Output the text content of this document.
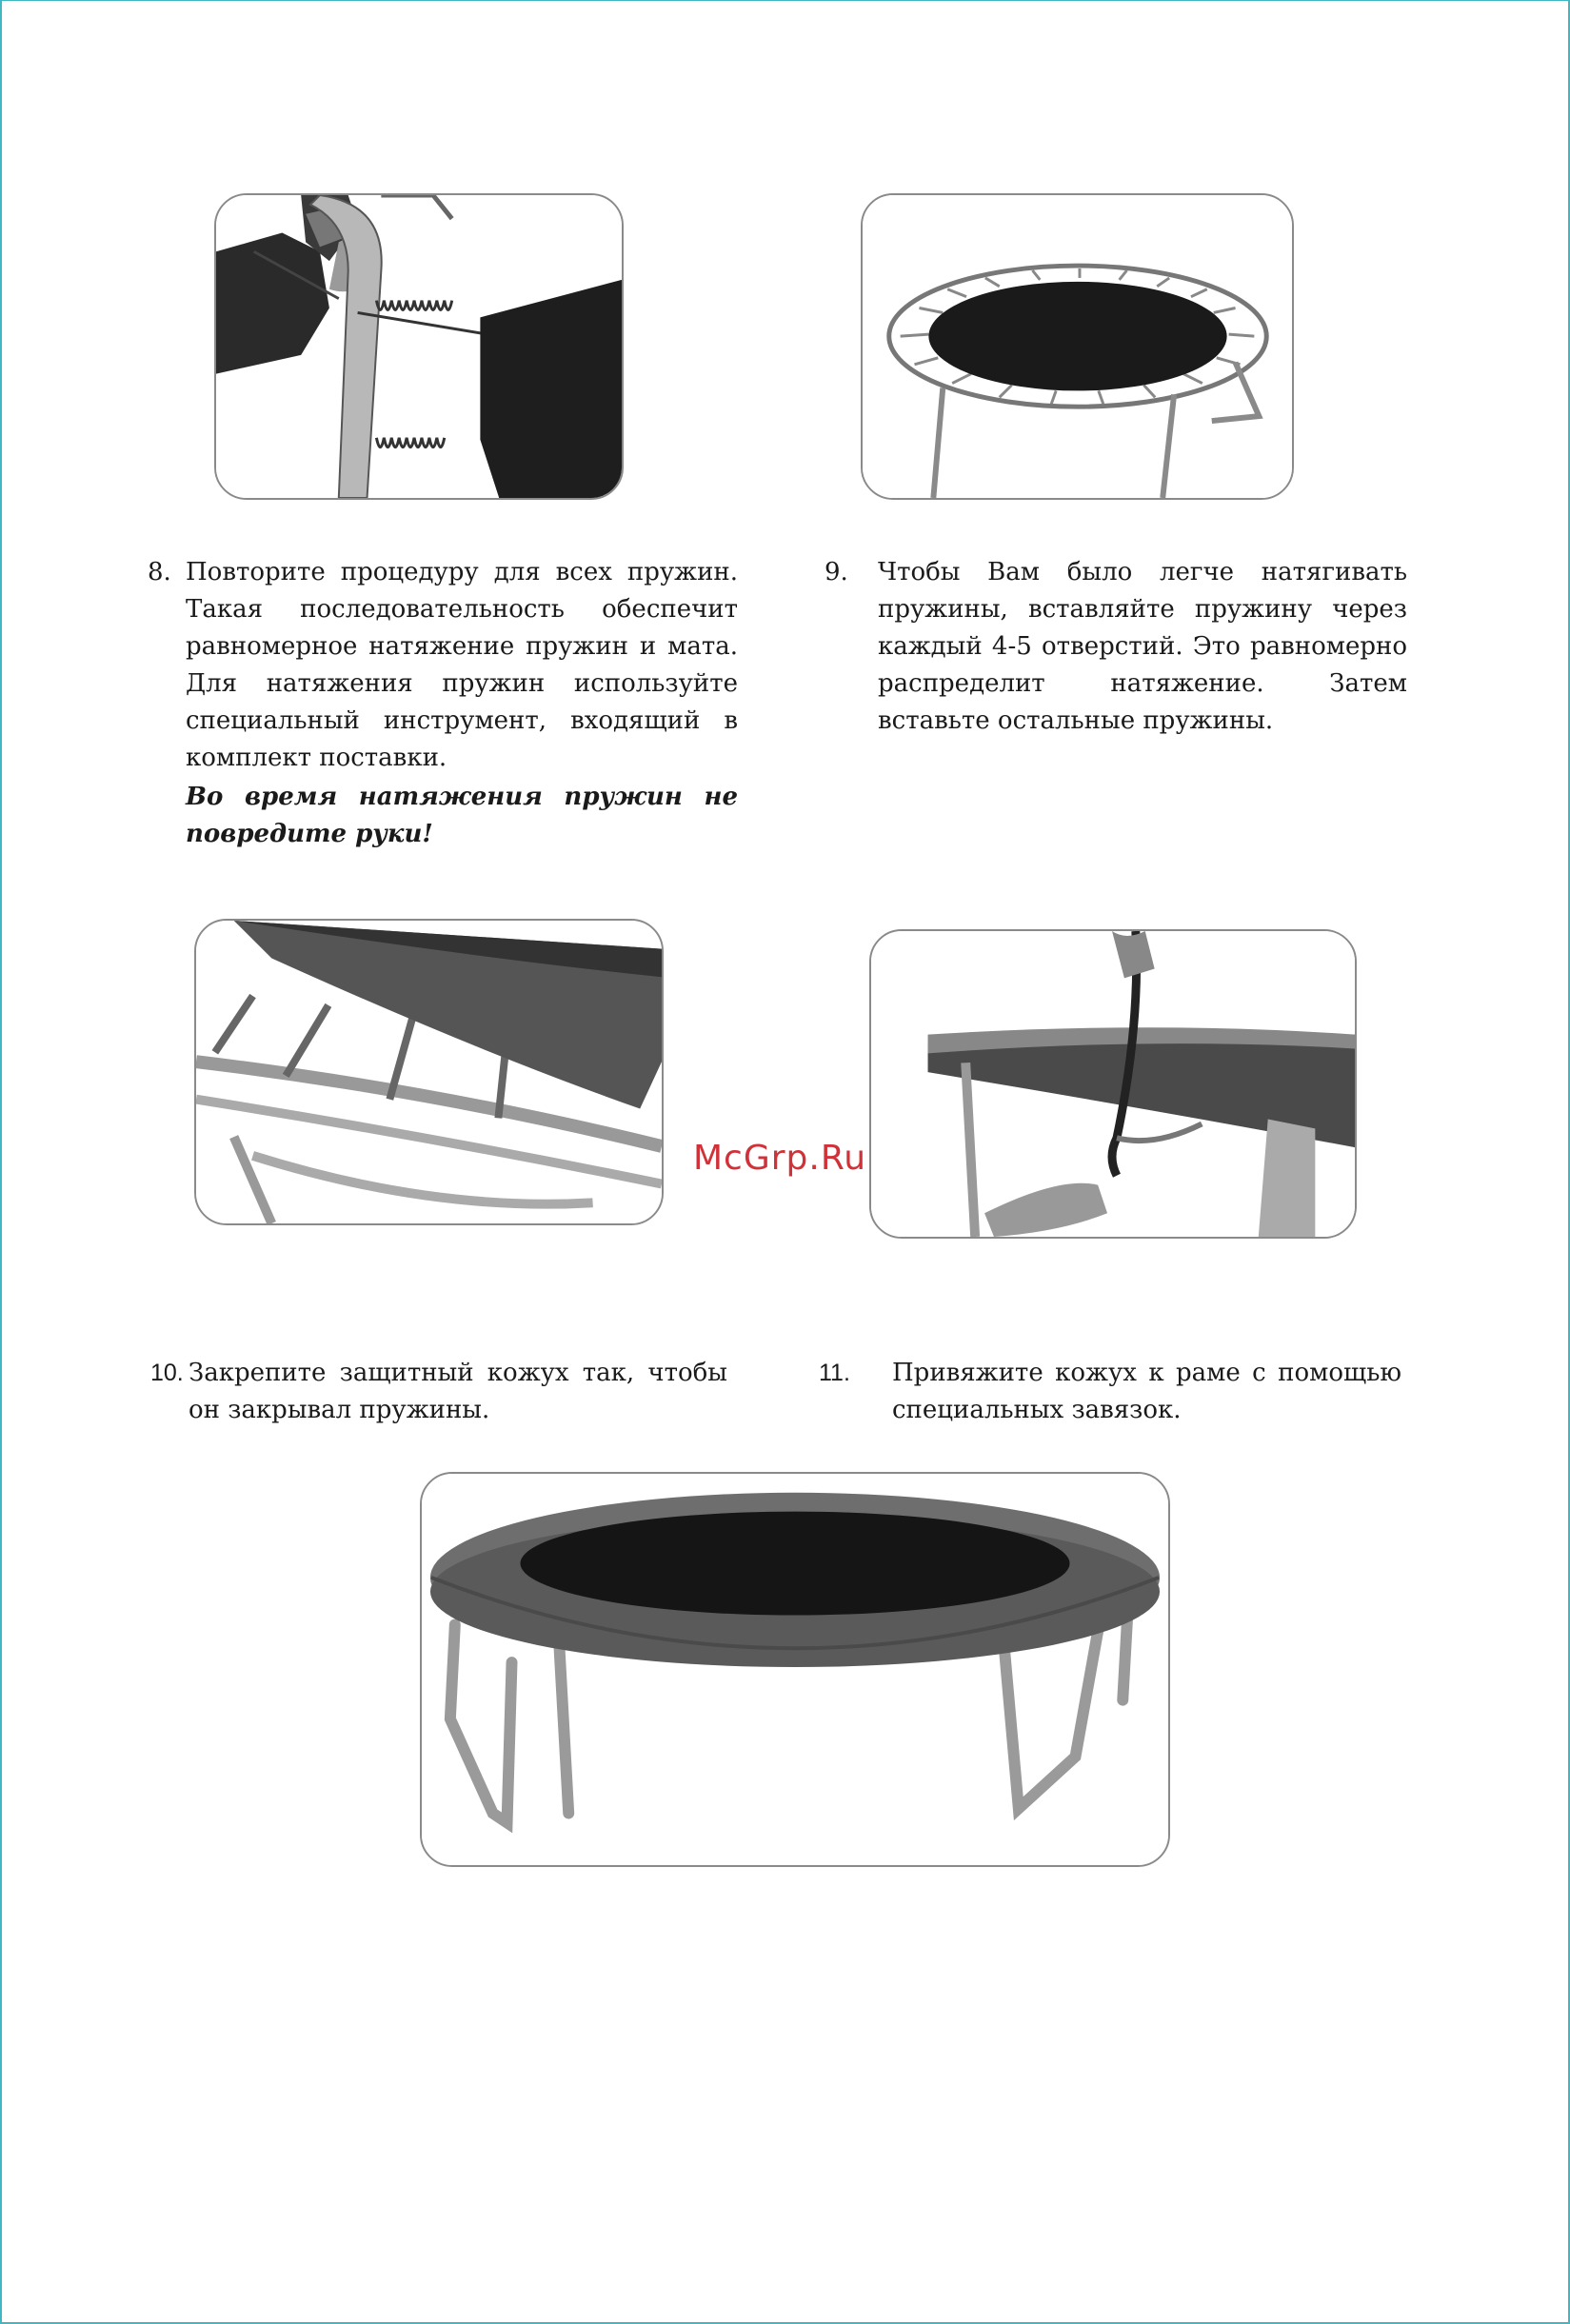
8. Повторите процедуру для всех пружин. Такая последовательность обеспечит равномерное натяжение пружин и мата. Для натяжения пружин используйте специальный инструмент, входящий в комплект поставки.
Во время натяжения пружин не повредите руки!
9. Чтобы Вам было легче натягивать пружины, вставляйте пружину через каждый 4-5 отверстий. Это равномерно распределит натяжение. Затем вставьте остальные пружины.
10. Закрепите защитный кожух так, чтобы он закрывал пружины.
11. Привяжите кожух к раме с помощью специальных завязок.
McGrp.Ru
